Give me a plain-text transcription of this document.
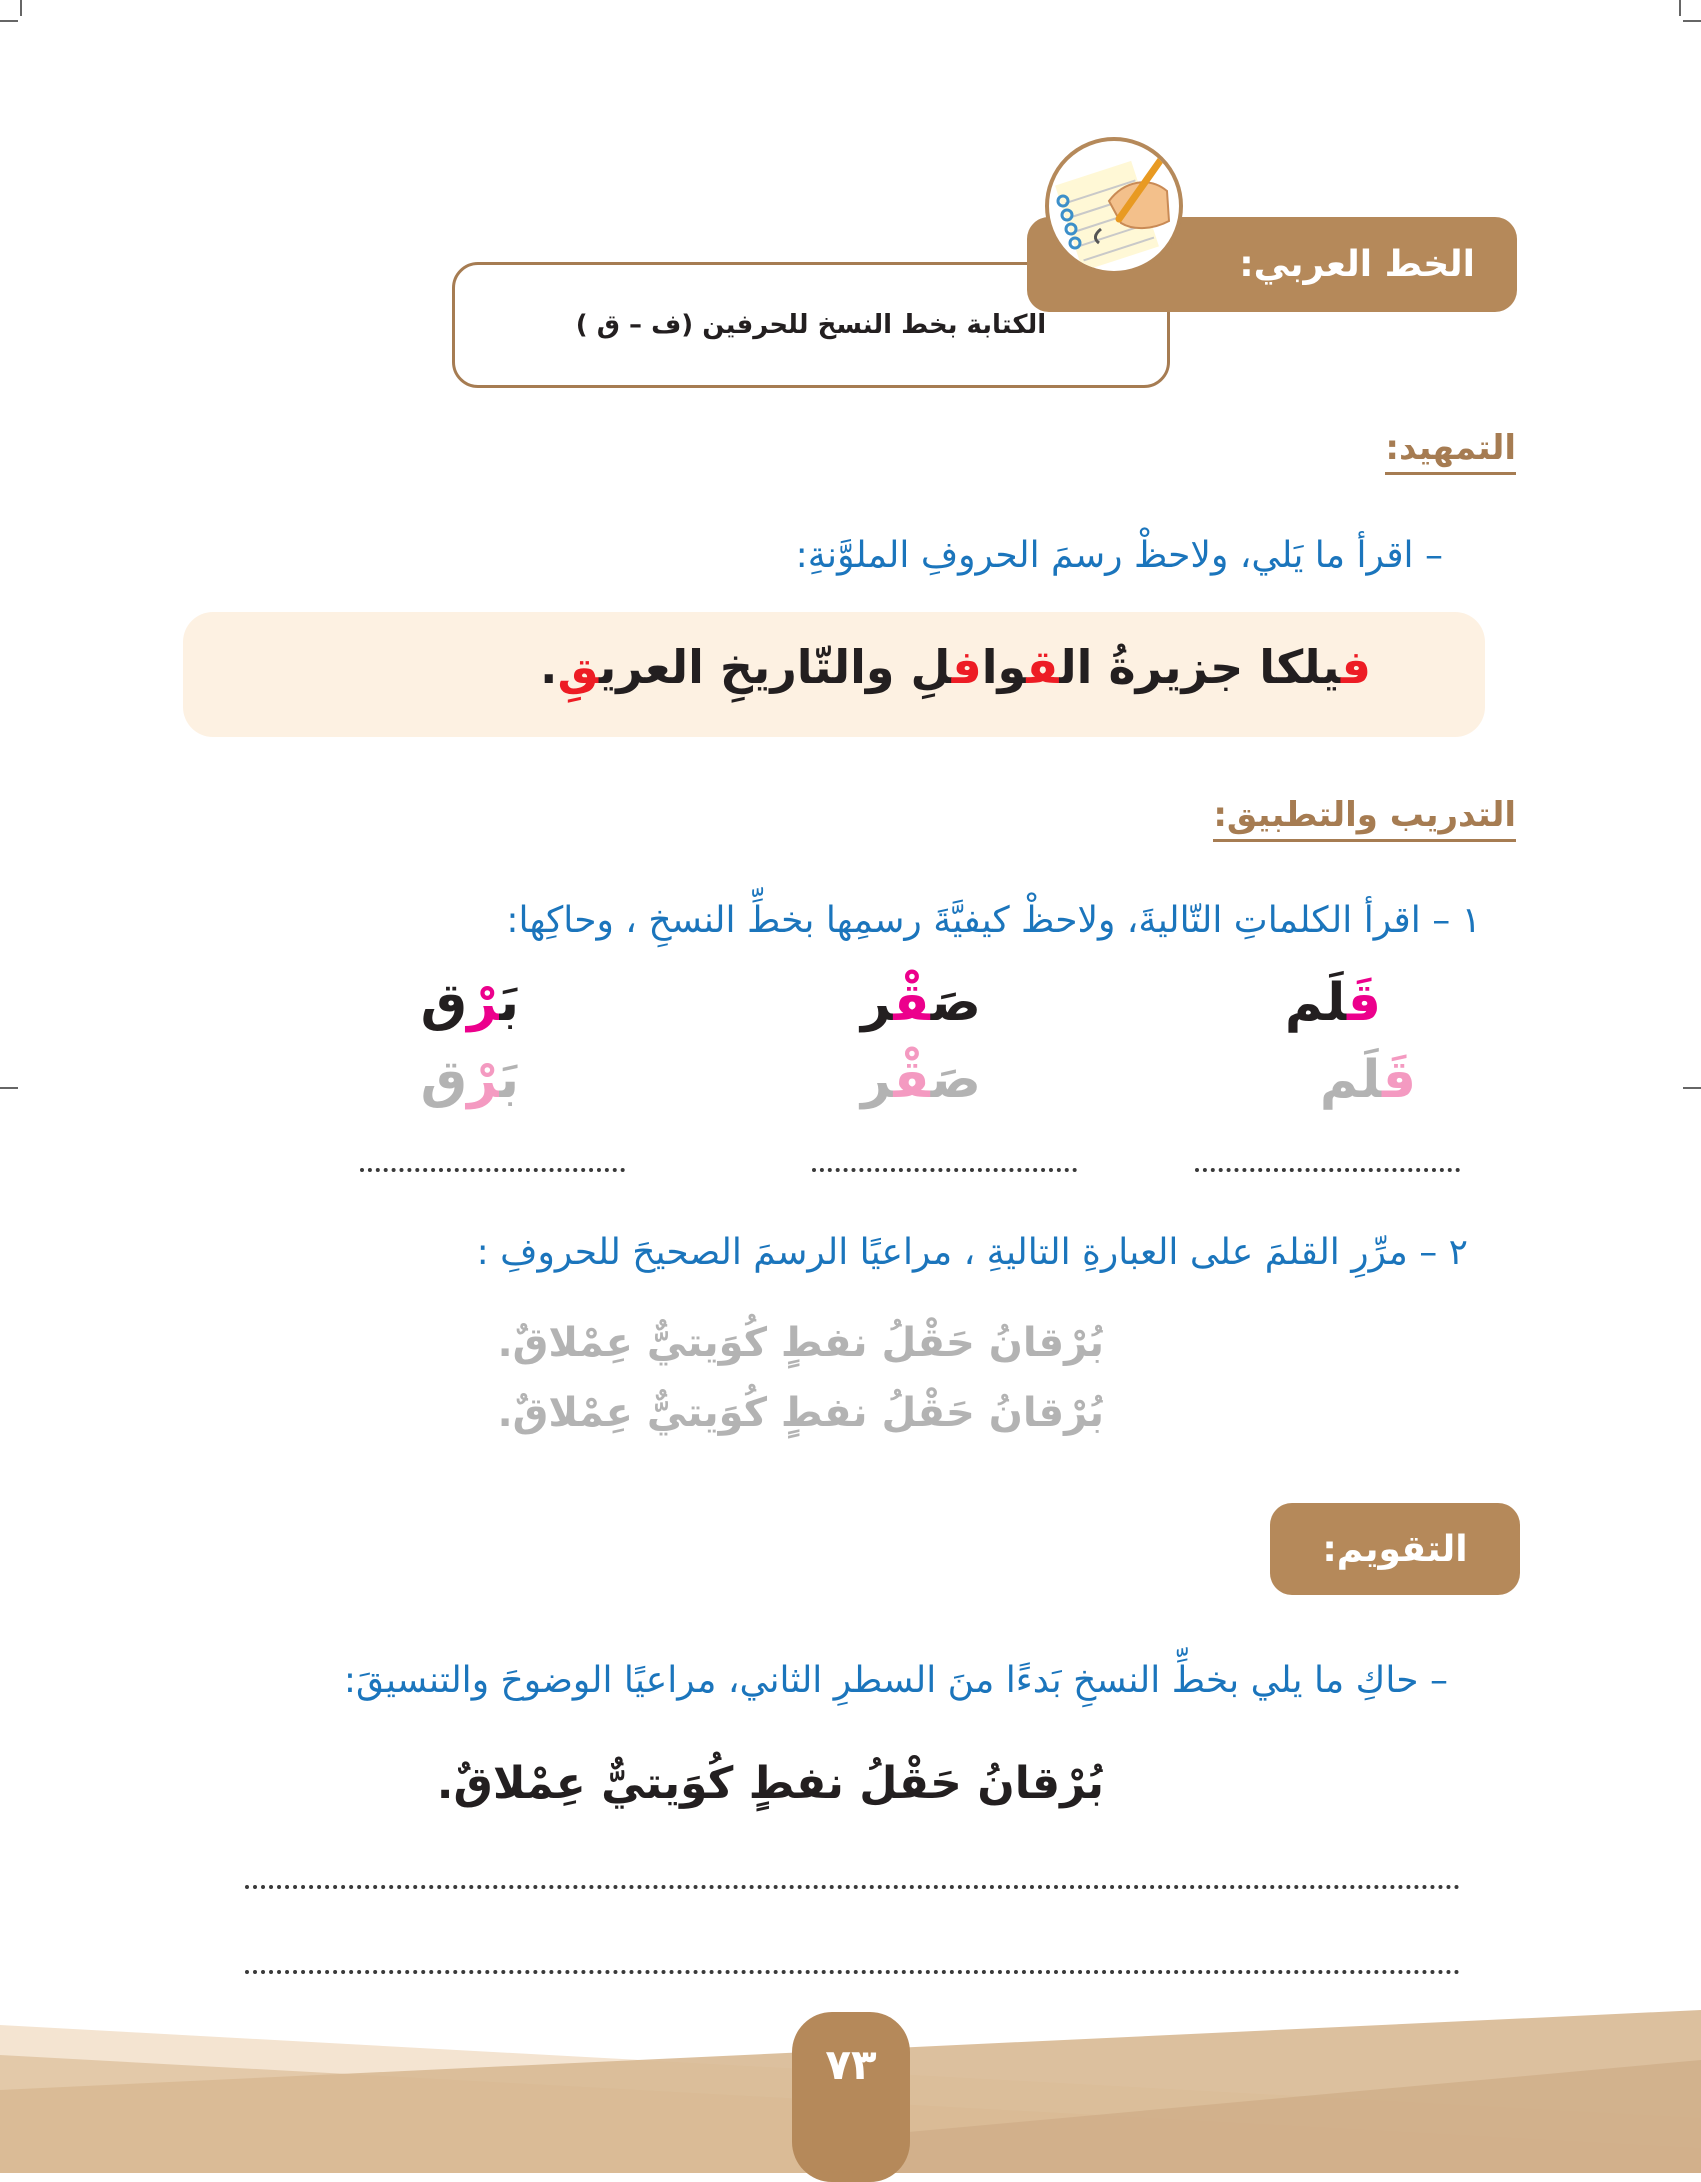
الكتابة بخط النسخ للحرفين (ف – ق )
الخط العربي:
التمهيد:
– اقرأ ما يَلي، ولاحظْ رسمَ الحروفِ الملوَّنةِ:
فيلكا جزيرةُ القوافلِ والتّاريخِ العريقِ.
التدريب والتطبيق:
١ – اقرأ الكلماتِ التّاليةَ، ولاحظْ كيفيَّةَ رسمِها بخطِّ النسخِ ، وحاكِها:
قَلَم
صَقْر
بَرْق
قَلَم
صَقْر
بَرْق
٢ – مرِّرِ القلمَ على العبارةِ التاليةِ ، مراعيًا الرسمَ الصحيحَ للحروفِ :
بُرْقانُ حَقْلُ نفطٍ كُوَيتيٌّ عِمْلاقٌ.
بُرْقانُ حَقْلُ نفطٍ كُوَيتيٌّ عِمْلاقٌ.
التقويم:
– حاكِ ما يلي بخطِّ النسخِ بَدءًا منَ السطرِ الثاني، مراعيًا الوضوحَ والتنسيقَ:
بُرْقانُ حَقْلُ نفطٍ كُوَيتيٌّ عِمْلاقٌ.
٧٣
